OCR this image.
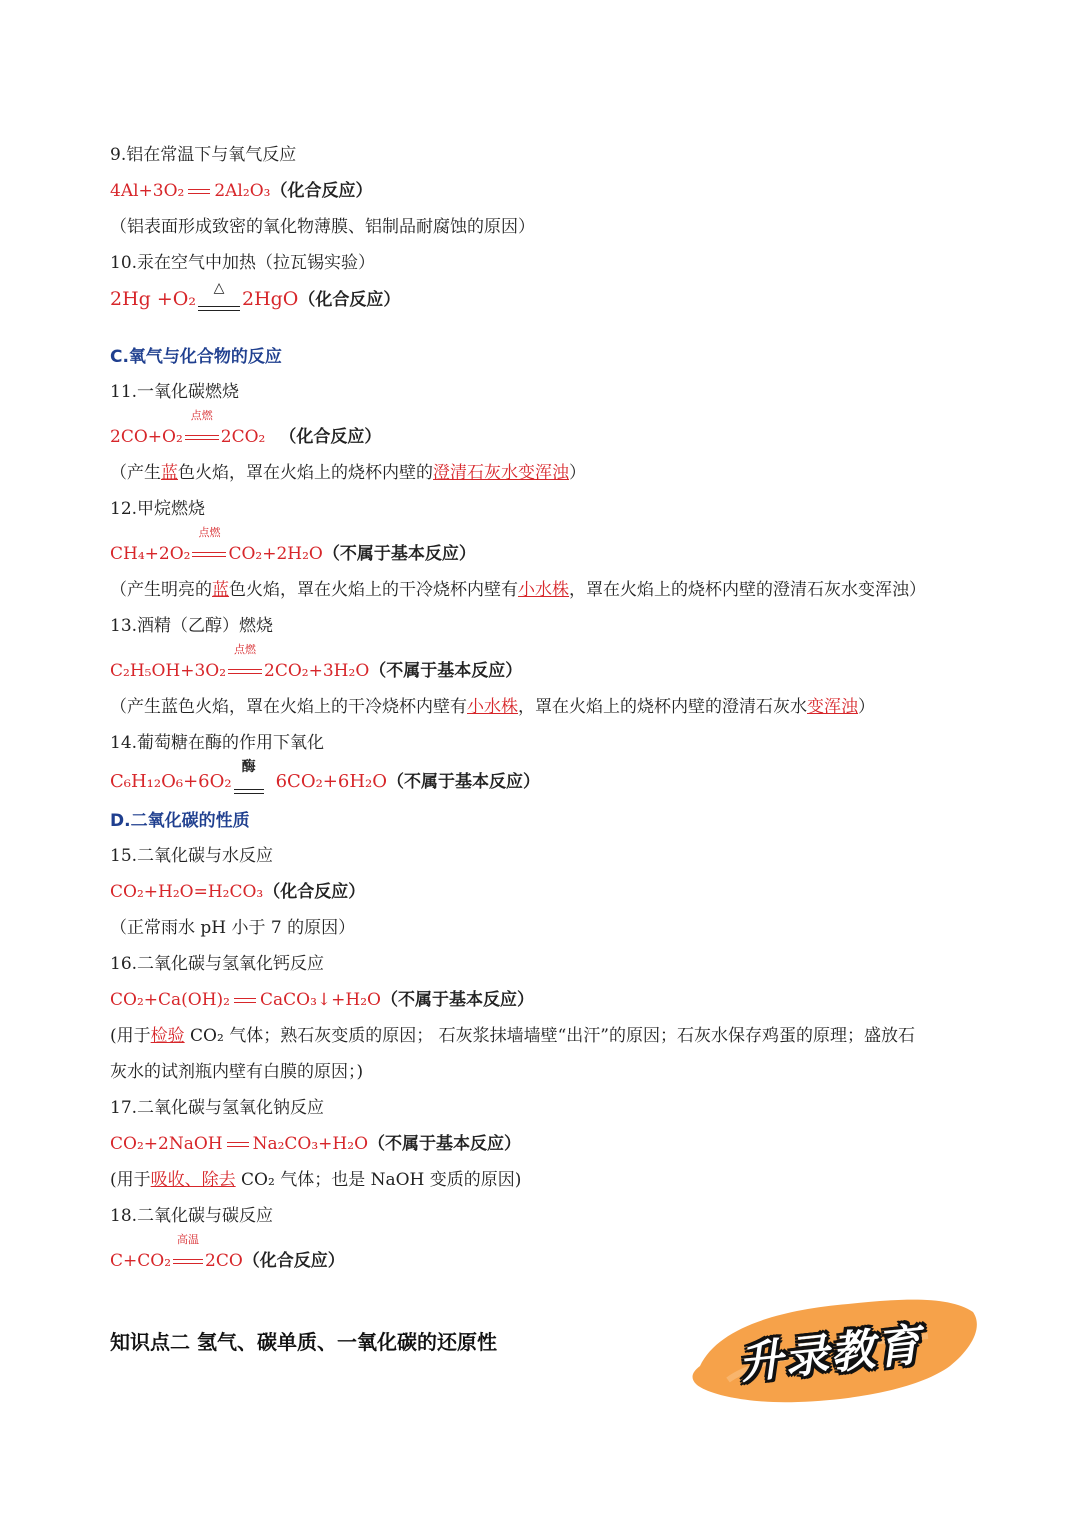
9.铝在常温下与氧气反应
4Al+3O₂ 2Al₂O₃（化合反应）
（铝表面形成致密的氧化物薄膜、铝制品耐腐蚀的原因）
10.汞在空气中加热（拉瓦锡实验）
2Hg +O₂	△ 2HgO（化合反应）
C.氧气与化合物的反应
11.一氧化碳燃烧
2CO+O₂
点燃
2CO₂ （化合反应）
（产生蓝色火焰，罩在火焰上的烧杯内壁的澄清石灰水变浑浊）
12.甲烷燃烧
CH₄+2O₂
点燃
CO₂+2H₂O（不属于基本反应）
（产生明亮的蓝色火焰，罩在火焰上的干冷烧杯内壁有小水株，罩在火焰上的烧杯内壁的澄清石灰水变浑浊）
13.酒精（乙醇）燃烧
C₂H₅OH+3O₂
点燃
2CO₂+3H₂O（不属于基本反应）
（产生蓝色火焰，罩在火焰上的干冷烧杯内壁有小水株，罩在火焰上的烧杯内壁的澄清石灰水变浑浊）
14.葡萄糖在酶的作用下氧化
C₆H₁₂O₆+6O₂
酶
6CO₂+6H₂O（不属于基本反应）
D.二氧化碳的性质
15.二氧化碳与水反应
CO₂+H₂O=H₂CO₃（化合反应）
（正常雨水 pH 小于 7 的原因）
16.二氧化碳与氢氧化钙反应
CO₂+Ca(OH)₂ CaCO₃↓+H₂O（不属于基本反应）
(用于检验 CO₂ 气体；熟石灰变质的原因； 石灰浆抹墙墙壁“出汗”的原因；石灰水保存鸡蛋的原理；盛放石
灰水的试剂瓶内壁有白膜的原因；)
17.二氧化碳与氢氧化钠反应
CO₂+2NaOH Na₂CO₃+H₂O（不属于基本反应）
(用于吸收、除去 CO₂ 气体；也是 NaOH 变质的原因)
18.二氧化碳与碳反应
C+CO₂
高温
2CO（化合反应）
知识点二 氢气、碳单质、一氧化碳的还原性	升录教育
